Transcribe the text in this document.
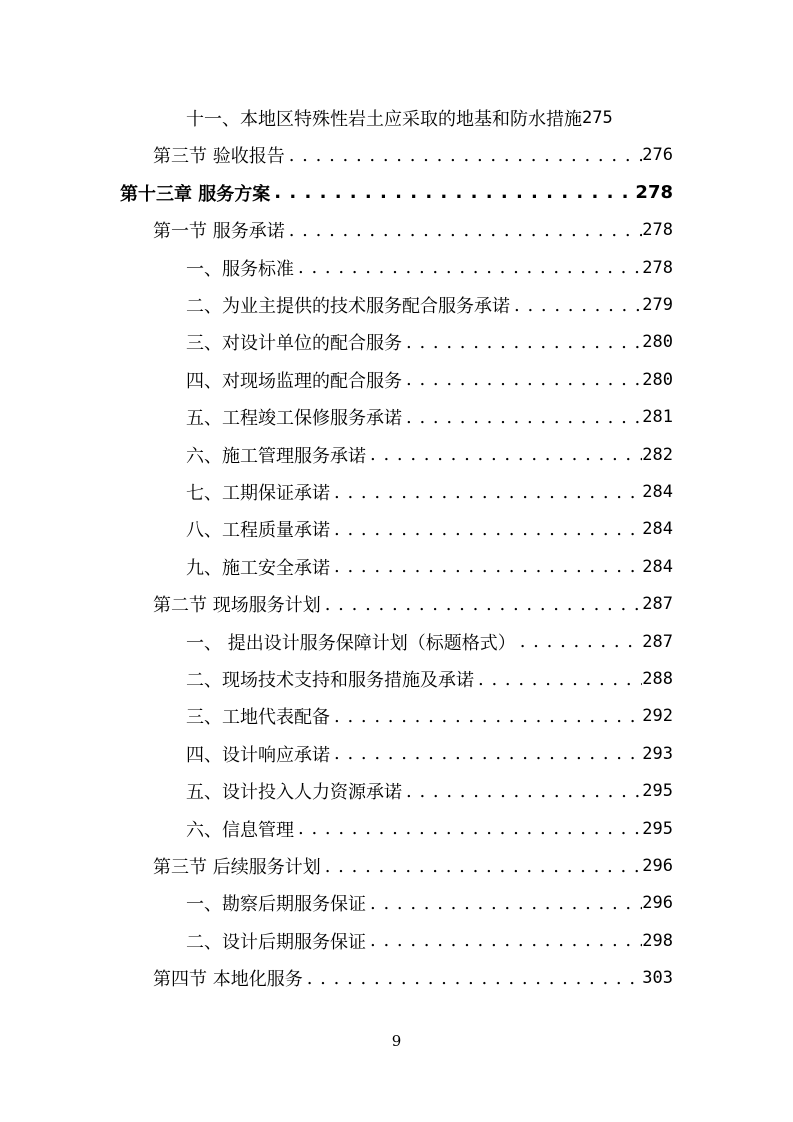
十一、本地区特殊性岩土应采取的地基和防水措施 275
第三节 验收报告 . . .	276
第十三章 服务方案 . . .	278
第一节 服务承诺 . . .	278
一、服务标准 . . .	278
二、为业主提供的技术服务配合服务承诺 . . .	279
三、对设计单位的配合服务 . . .	280
四、对现场监理的配合服务 . . .	280
五、工程竣工保修服务承诺 . . .	281
六、施工管理服务承诺 . . .	282
七、工期保证承诺 . . .	284
八、工程质量承诺 . . .	284
九、施工安全承诺 . . .	284
第二节 现场服务计划 . . .	287
一、 提出设计服务保障计划（标题格式） . . .	287
二、现场技术支持和服务措施及承诺 . . .	288
三、工地代表配备 . . .	292
四、设计响应承诺 . . .	293
五、设计投入人力资源承诺 . . .	295
六、信息管理 . . .	295
第三节 后续服务计划 . . .	296
一、勘察后期服务保证 . . .	296
二、设计后期服务保证 . . .	298
第四节 本地化服务 . . .	303
9
